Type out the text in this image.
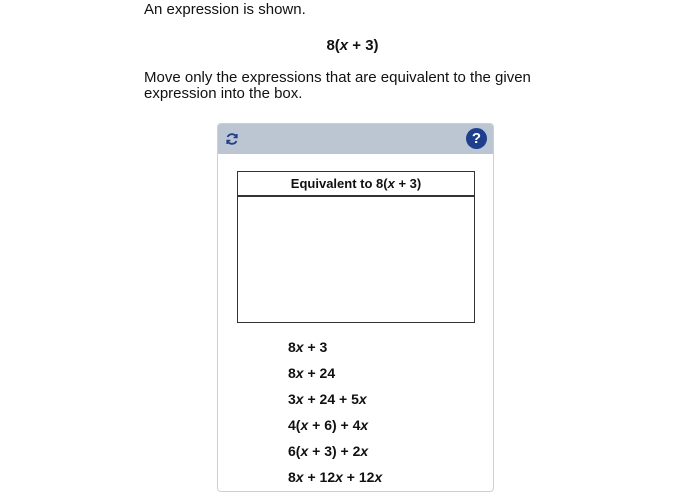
An expression is shown.
8(x + 3)
Move only the expressions that are equivalent to the given expression into the box.
?
Equivalent to 8(x + 3)
8x + 3
8x + 24
3x + 24 + 5x
4(x + 6) + 4x
6(x + 3) + 2x
8x + 12x + 12x
